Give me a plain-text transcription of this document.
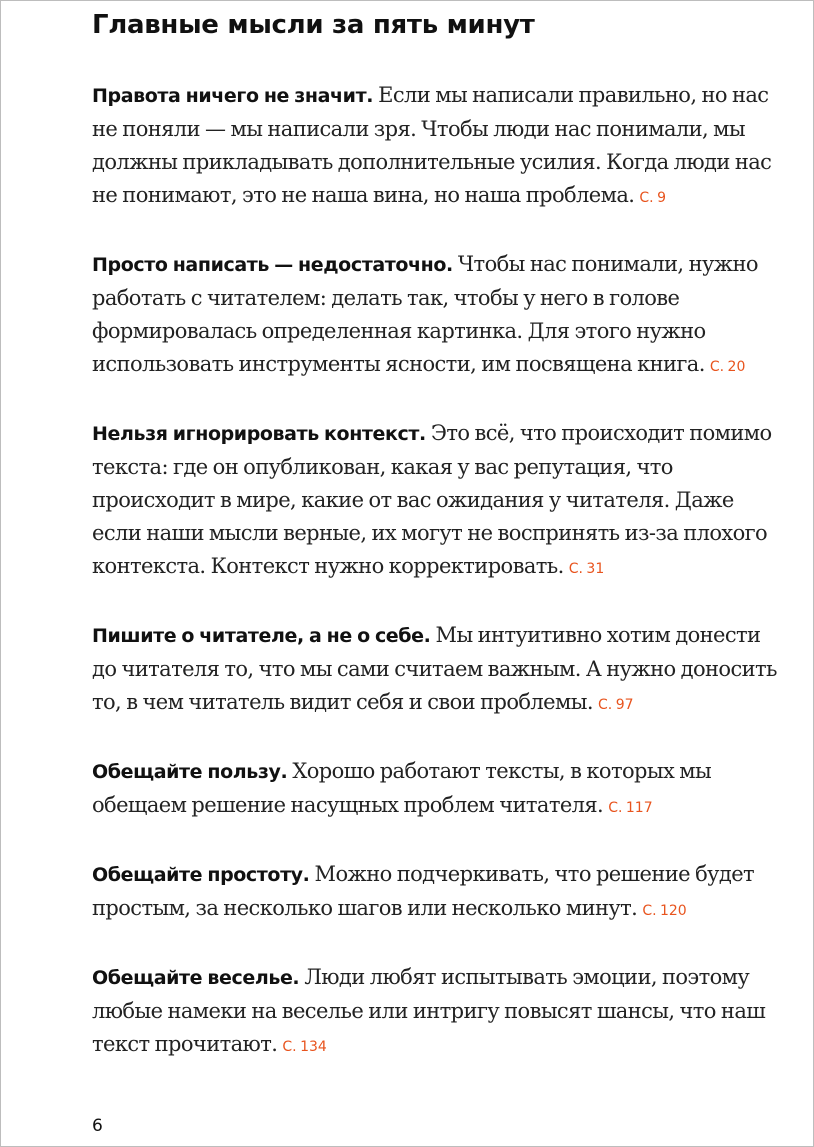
Главные мысли за пять минут

Правота ничего не значит. Если мы написали правильно, но нас не поняли — мы написали зря. Чтобы люди нас понимали, мы должны прикладывать дополнительные усилия. Когда люди нас не понимают, это не наша вина, но наша проблема. С. 9

Просто написать — недостаточно. Чтобы нас понимали, нужно работать с читателем: делать так, чтобы у него в голове формировалась определенная картинка. Для этого нужно использовать инструменты ясности, им посвящена книга. С. 20

Нельзя игнорировать контекст. Это всё, что происходит помимо текста: где он опубликован, какая у вас репутация, что происходит в мире, какие от вас ожидания у читателя. Даже если наши мысли верные, их могут не воспринять из-за плохого контекста. Контекст нужно корректировать. С. 31

Пишите о читателе, а не о себе. Мы интуитивно хотим донести до читателя то, что мы сами считаем важным. А нужно доносить то, в чем читатель видит себя и свои проблемы. С. 97

Обещайте пользу. Хорошо работают тексты, в которых мы обещаем решение насущных проблем читателя. С. 117

Обещайте простоту. Можно подчеркивать, что решение будет простым, за несколько шагов или несколько минут. С. 120

Обещайте веселье. Люди любят испытывать эмоции, поэтому любые намеки на веселье или интригу повысят шансы, что наш текст прочитают. С. 134

6
